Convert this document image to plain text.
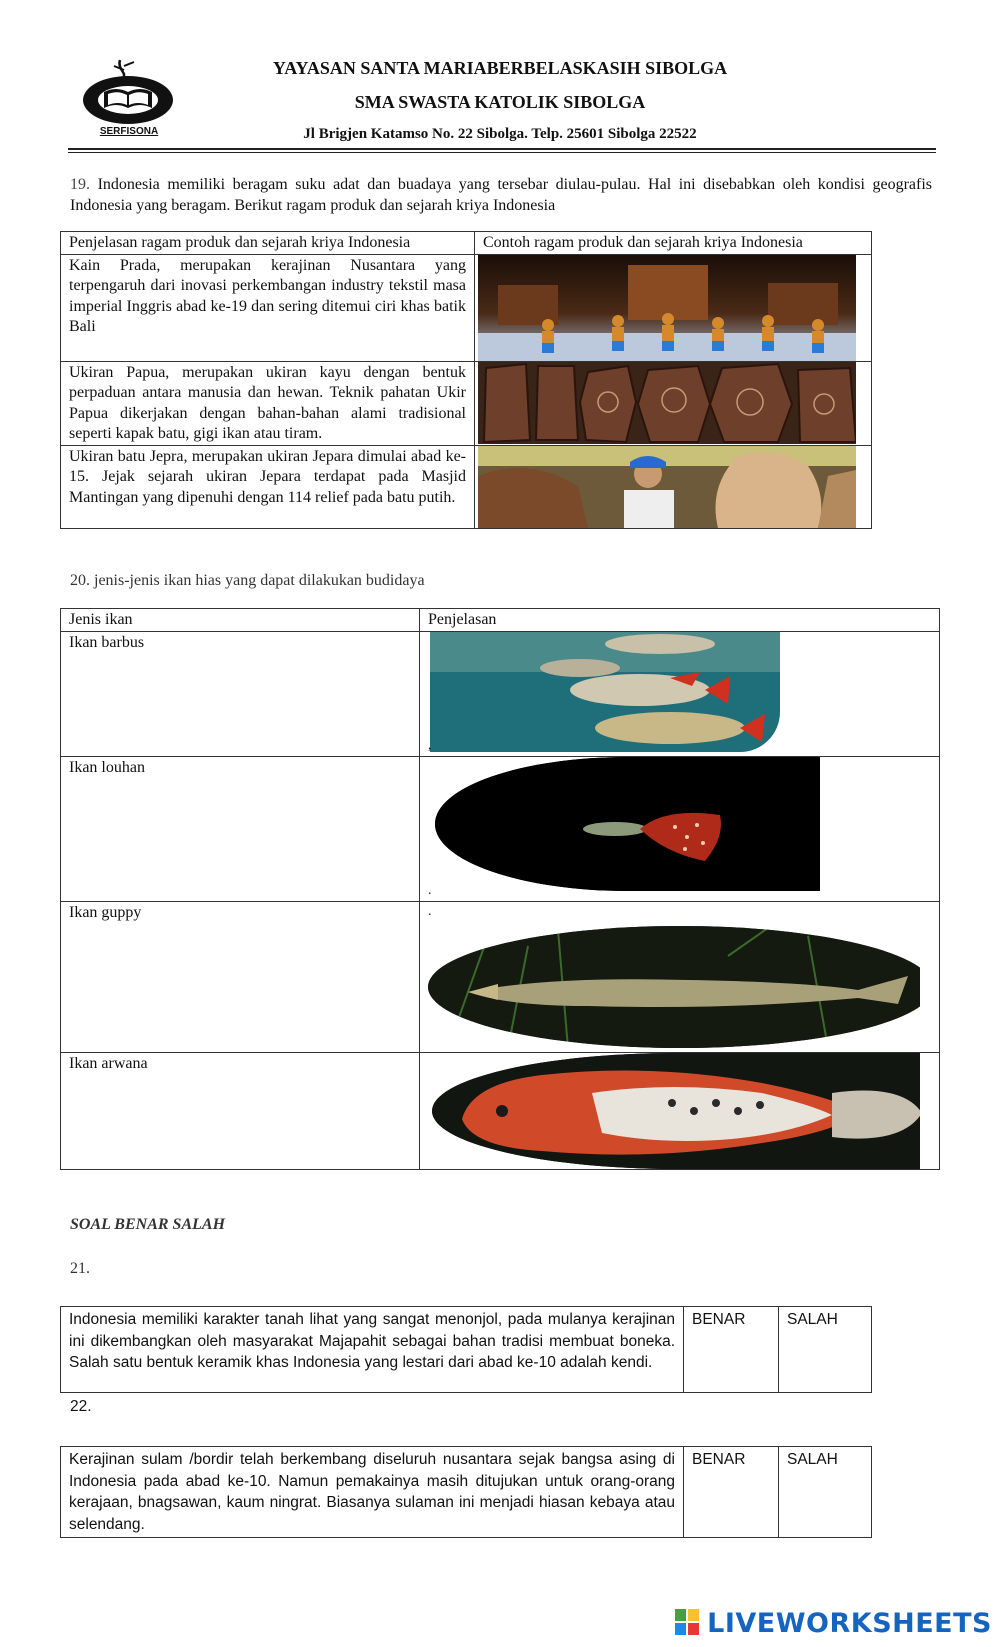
SERFISONA
YAYASAN SANTA MARIABERBELASKASIH SIBOLGA
SMA SWASTA KATOLIK SIBOLGA
Jl Brigjen Katamso No. 22 Sibolga. Telp. 25601 Sibolga 22522
19. Indonesia memiliki beragam suku adat dan buadaya yang tersebar diulau-pulau. Hal ini disebabkan oleh kondisi geografis Indonesia yang beragam. Berikut ragam produk dan sejarah kriya Indonesia
Penjelasan ragam produk dan sejarah kriya Indonesia	Contoh ragam produk dan sejarah kriya Indonesia
Kain Prada, merupakan kerajinan Nusantara yang terpengaruh dari inovasi perkembangan industry tekstil masa imperial Inggris abad ke-19 dan sering ditemui ciri khas batik Bali	

Ukiran Papua, merupakan ukiran kayu dengan bentuk perpaduan antara manusia dan hewan. Teknik pahatan Ukir Papua dikerjakan dengan bahan-bahan alami tradisional seperti kapak batu, gigi ikan atau tiram.	

Ukiran batu Jepra, merupakan ukiran Jepara dimulai abad ke-15. Jejak sejarah ukiran Jepara terdapat pada Masjid Mantingan yang dipenuhi dengan 114 relief pada batu putih.	
20. jenis-jenis ikan hias yang dapat dilakukan budidaya
Jenis ikan	Penjelasan
Ikan barbus	,

Ikan louhan	.

Ikan guppy	.

Ikan arwana	
SOAL BENAR SALAH
21.
Indonesia memiliki karakter tanah lihat yang sangat menonjol, pada mulanya kerajinan ini dikembangkan oleh masyarakat Majapahit sebagai bahan tradisi membuat boneka. Salah satu bentuk keramik khas Indonesia yang lestari dari abad ke-10 adalah kendi.	BENAR	SALAH
22.
Kerajinan sulam /bordir telah berkembang diseluruh nusantara sejak bangsa asing di Indonesia pada abad ke-10. Namun pemakainya masih ditujukan untuk orang-orang kerajaan, bnagsawan, kaum ningrat. Biasanya sulaman ini menjadi hiasan kebaya atau selendang.	BENAR	SALAH
LIVEWORKSHEETS
